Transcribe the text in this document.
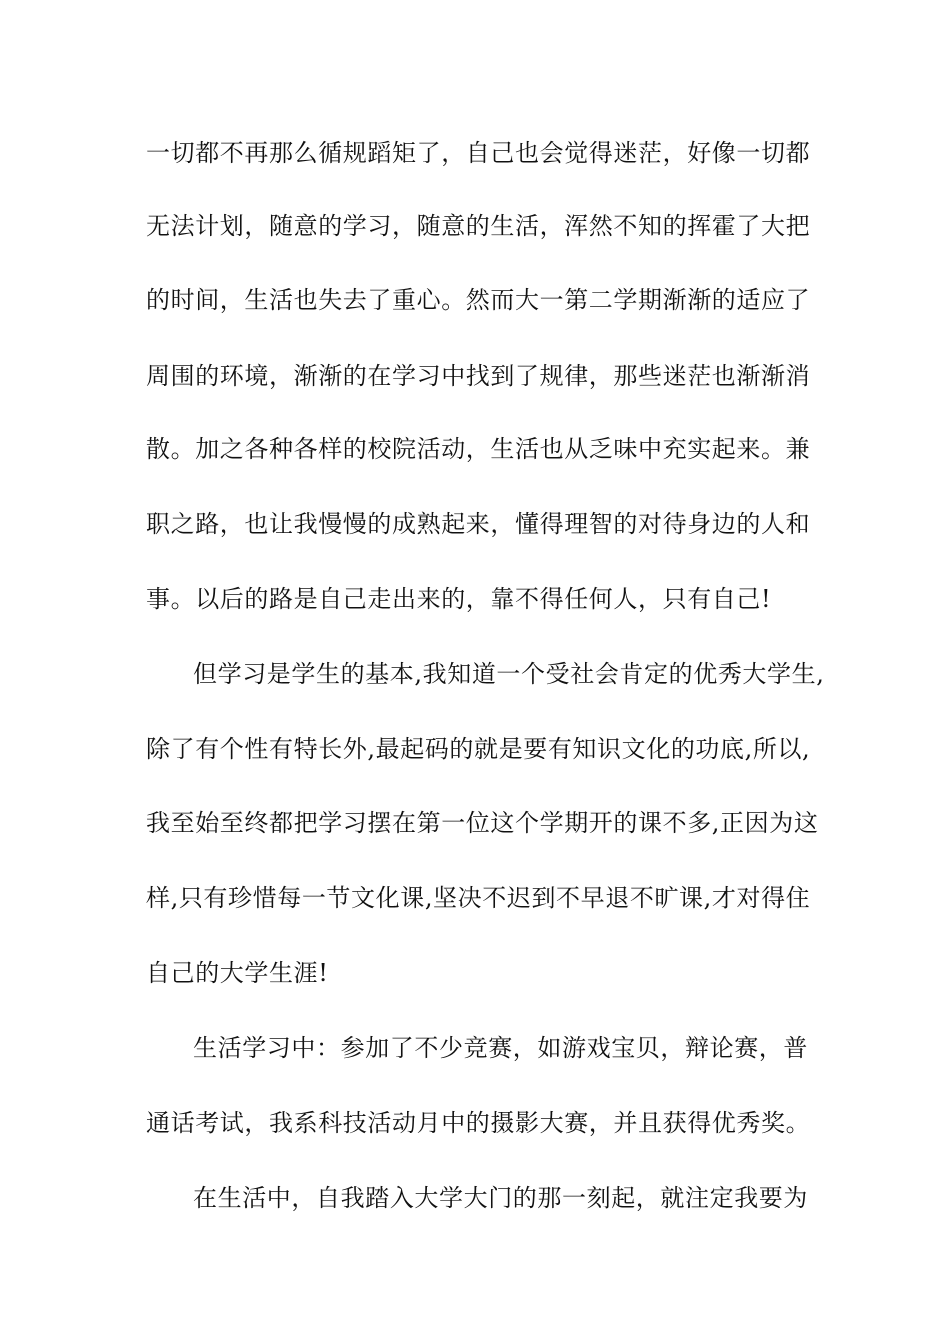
一切都不再那么循规蹈矩了，自己也会觉得迷茫，好像一切都
无法计划，随意的学习，随意的生活，浑然不知的挥霍了大把
的时间，生活也失去了重心。然而大一第二学期渐渐的适应了
周围的环境，渐渐的在学习中找到了规律，那些迷茫也渐渐消
散。加之各种各样的校院活动，生活也从乏味中充实起来。兼
职之路，也让我慢慢的成熟起来，懂得理智的对待身边的人和
事。以后的路是自己走出来的，靠不得任何人，只有自己!
但学习是学生的基本,我知道一个受社会肯定的优秀大学生,
除了有个性有特长外,最起码的就是要有知识文化的功底,所以,
我至始至终都把学习摆在第一位这个学期开的课不多,正因为这
样,只有珍惜每一节文化课,坚决不迟到不早退不旷课,才对得住
自己的大学生涯!
生活学习中：参加了不少竞赛，如游戏宝贝，辩论赛，普
通话考试，我系科技活动月中的摄影大赛，并且获得优秀奖。
在生活中，自我踏入大学大门的那一刻起，就注定我要为
